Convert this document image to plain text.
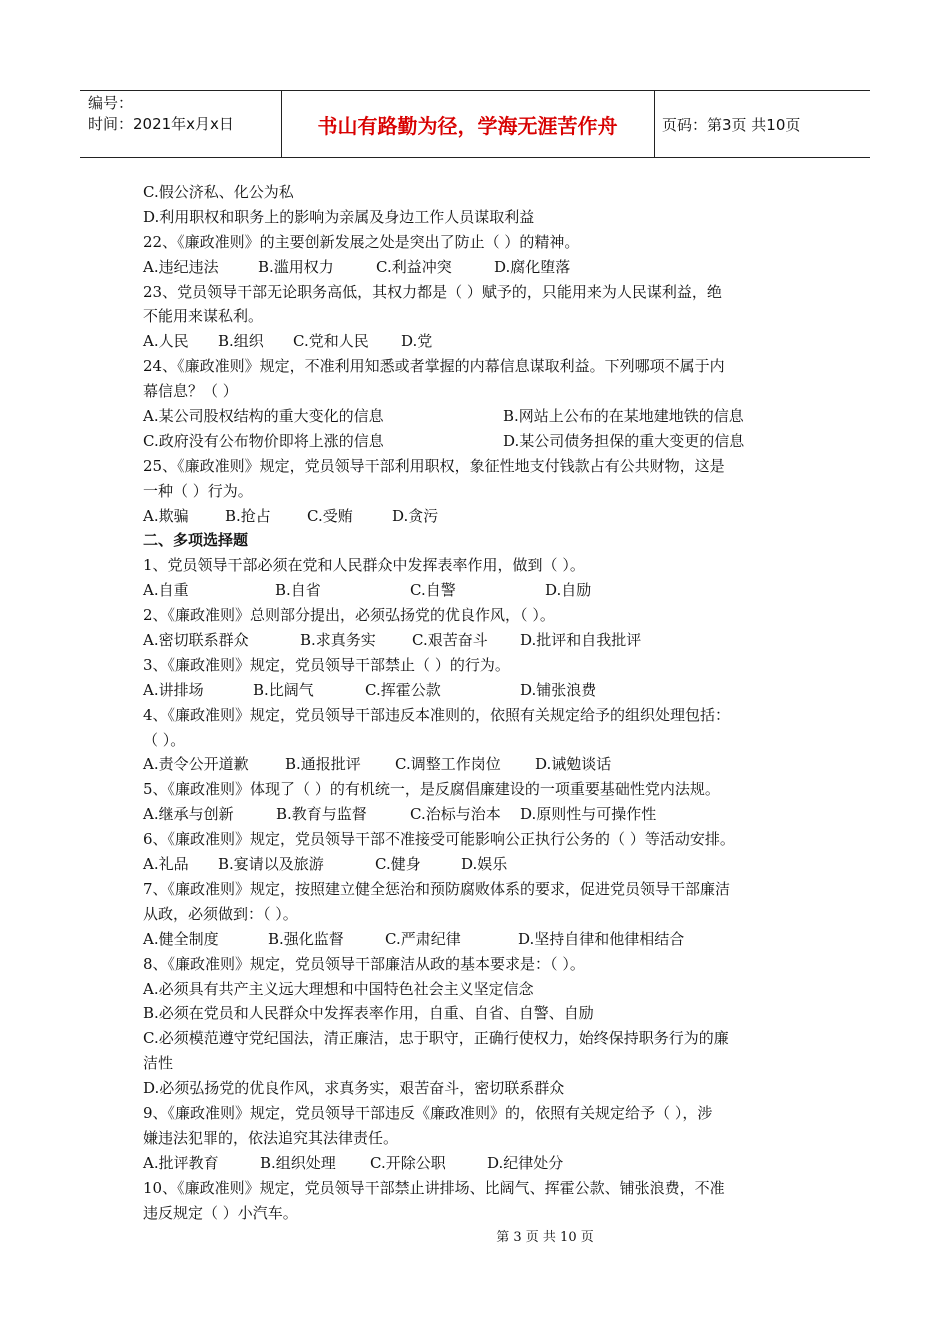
编号：
时间：2021年x月x日	书山有路勤为径，学海无涯苦作舟	页码：第3页 共10页
C.假公济私、化公为私
D.利用职权和职务上的影响为亲属及身边工作人员谋取利益
22、《廉政准则》的主要创新发展之处是突出了防止（ ）的精神。
A.违纪违法	B.滥用权力	C.利益冲突	D.腐化堕落
23、党员领导干部无论职务高低，其权力都是（ ）赋予的，只能用来为人民谋利益，绝
不能用来谋私利。
A.人民 B.组织 C.党和人民 D.党
24、《廉政准则》规定，不准利用知悉或者掌握的内幕信息谋取利益。下列哪项不属于内
幕信息？（ ）
A.某公司股权结构的重大变化的信息	B.网站上公布的在某地建地铁的信息
C.政府没有公布物价即将上涨的信息	D.某公司债务担保的重大变更的信息
25、《廉政准则》规定，党员领导干部利用职权，象征性地支付钱款占有公共财物，这是
一种（ ）行为。
A.欺骗 B.抢占 C.受贿	D.贪污
二、多项选择题
1、党员领导干部必须在党和人民群众中发挥表率作用，做到（ ）。
A.自重	B.自省	C.自警	D.自励
2、《廉政准则》总则部分提出，必须弘扬党的优良作风，（ ）。
A.密切联系群众	B.求真务实 C.艰苦奋斗 D.批评和自我批评
3、《廉政准则》规定，党员领导干部禁止（ ）的行为。
A.讲排场	B.比阔气	C.挥霍公款	D.铺张浪费
4、《廉政准则》规定，党员领导干部违反本准则的，依照有关规定给予的组织处理包括：
（ ）。
A.责令公开道歉 B.通报批评 C.调整工作岗位 D.诫勉谈话
5、《廉政准则》体现了（ ）的有机统一，是反腐倡廉建设的一项重要基础性党内法规。
A.继承与创新	B.教育与监督	C.治标与治本 D.原则性与可操作性
6、《廉政准则》规定，党员领导干部不准接受可能影响公正执行公务的（ ）等活动安排。
A.礼品 B.宴请以及旅游	C.健身	D.娱乐
7、《廉政准则》规定，按照建立健全惩治和预防腐败体系的要求，促进党员领导干部廉洁
从政，必须做到：（ ）。
A.健全制度	B.强化监督	C.严肃纪律	D.坚持自律和他律相结合
8、《廉政准则》规定，党员领导干部廉洁从政的基本要求是：（ ）。
A.必须具有共产主义远大理想和中国特色社会主义坚定信念
B.必须在党员和人民群众中发挥表率作用，自重、自省、自警、自励
C.必须模范遵守党纪国法，清正廉洁，忠于职守，正确行使权力，始终保持职务行为的廉
洁性
D.必须弘扬党的优良作风，求真务实，艰苦奋斗，密切联系群众
9、《廉政准则》规定，党员领导干部违反《廉政准则》的，依照有关规定给予（ ），涉
嫌违法犯罪的，依法追究其法律责任。
A.批评教育	B.组织处理 C.开除公职	D.纪律处分
10、《廉政准则》规定，党员领导干部禁止讲排场、比阔气、挥霍公款、铺张浪费，不准
违反规定（ ）小汽车。
第 3 页 共 10 页
